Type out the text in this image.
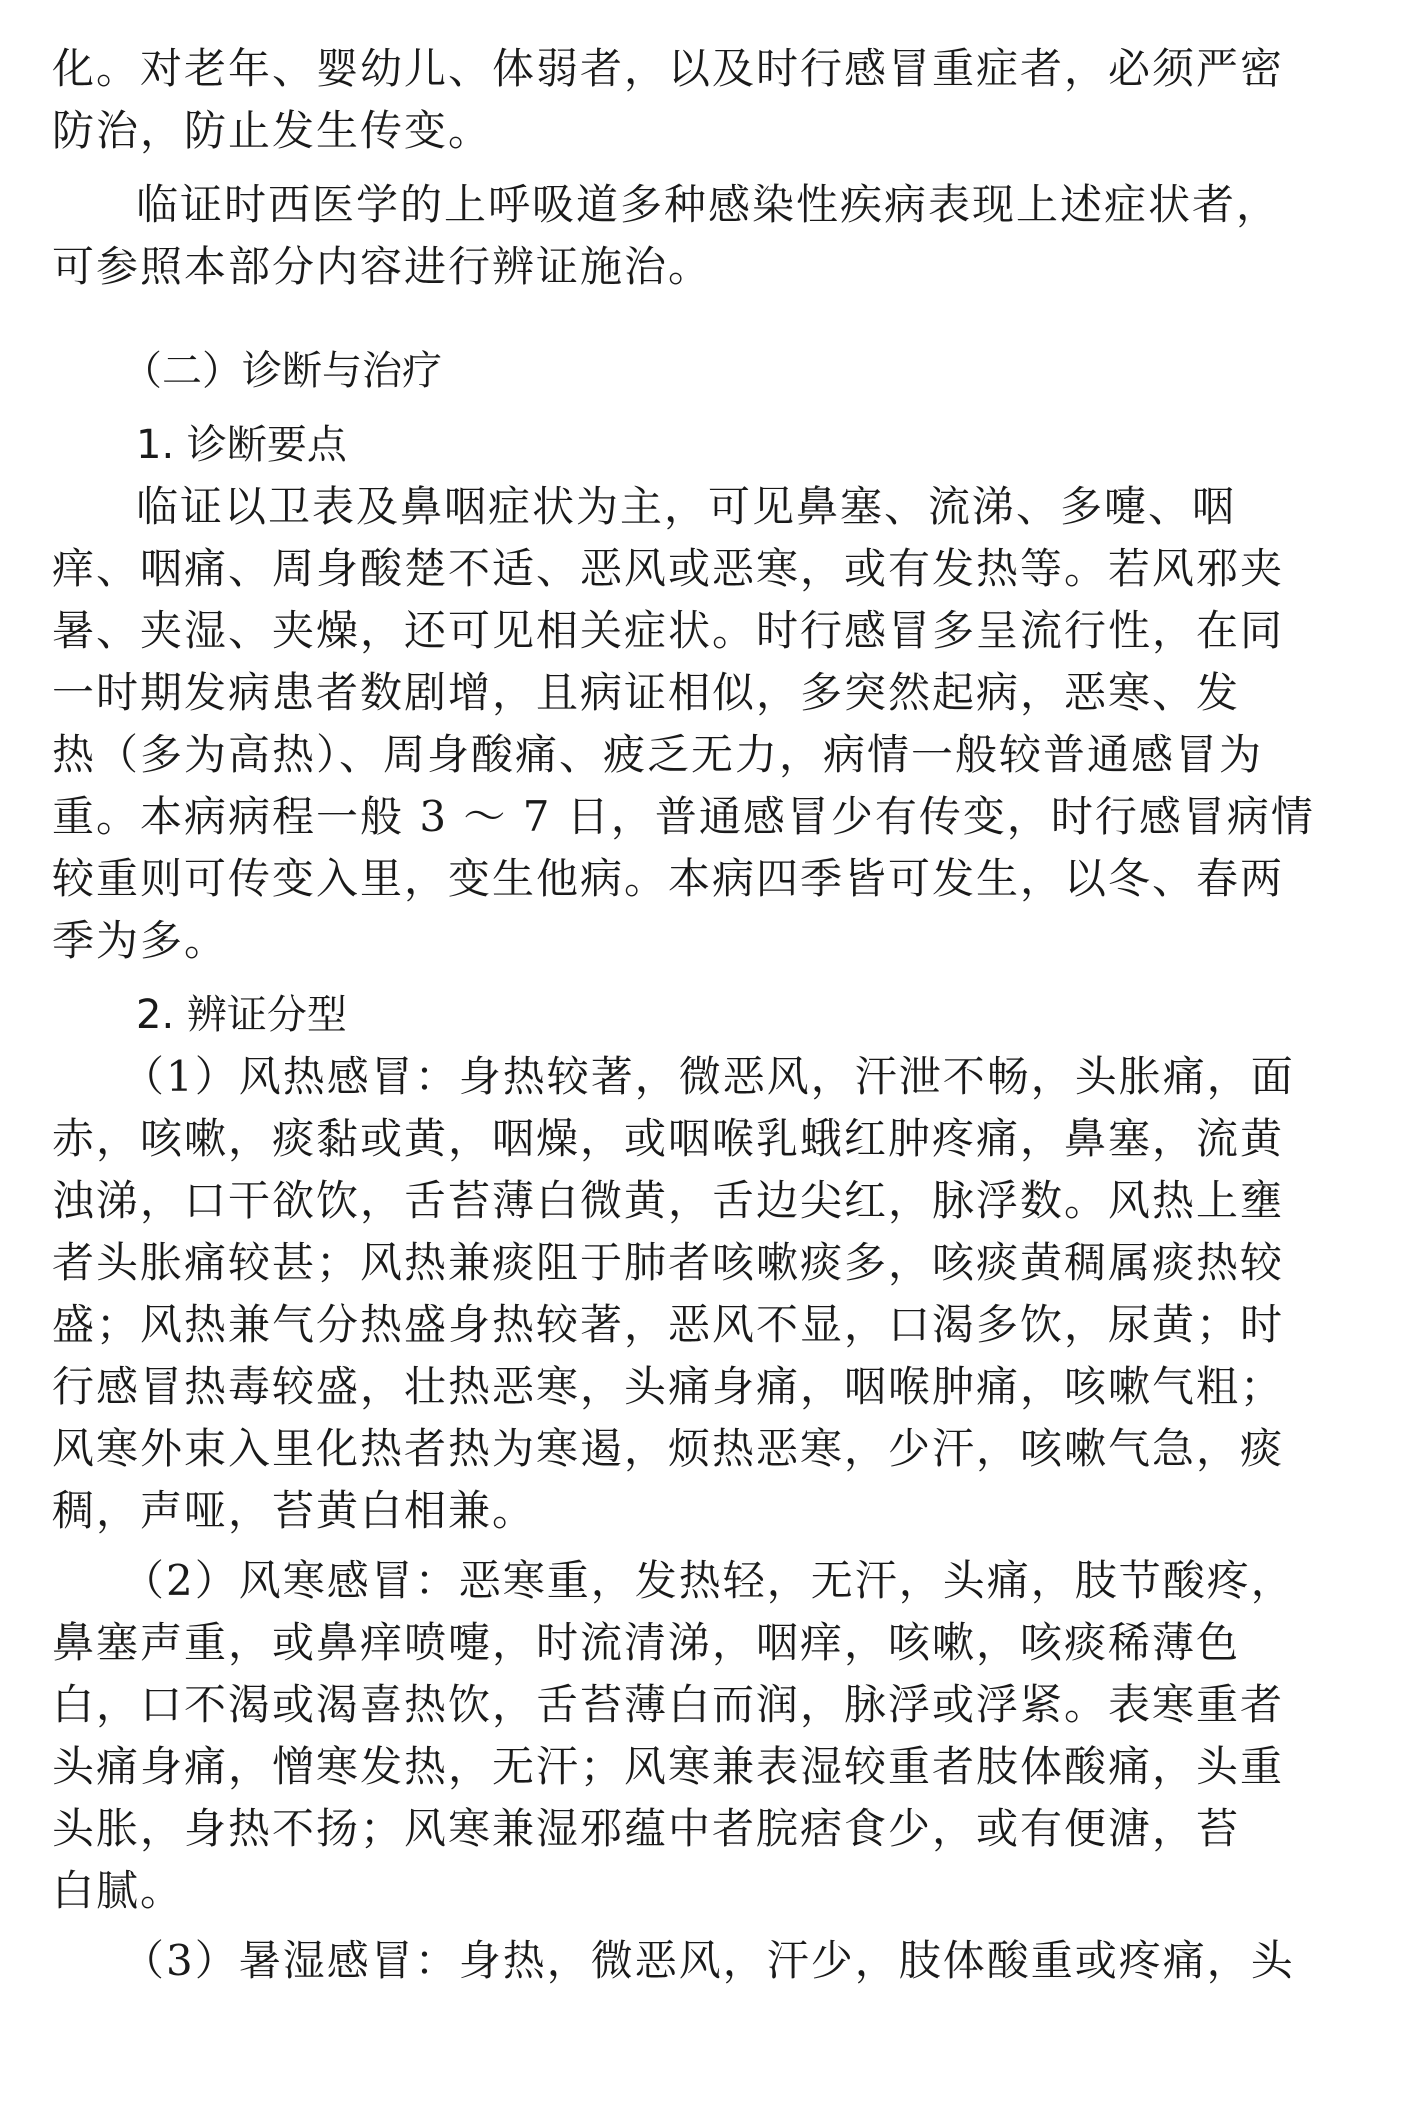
化。对老年、婴幼儿、体弱者，以及时行感冒重症者，必须严密
防治，防止发生传变。
临证时西医学的上呼吸道多种感染性疾病表现上述症状者，
可参照本部分内容进行辨证施治。
（二）诊断与治疗
1. 诊断要点
临证以卫表及鼻咽症状为主，可见鼻塞、流涕、多嚏、咽
痒、咽痛、周身酸楚不适、恶风或恶寒，或有发热等。若风邪夹
暑、夹湿、夹燥，还可见相关症状。时行感冒多呈流行性，在同
一时期发病患者数剧增，且病证相似，多突然起病，恶寒、发
热（多为高热）、周身酸痛、疲乏无力，病情一般较普通感冒为
重。本病病程一般 3 ～ 7 日，普通感冒少有传变，时行感冒病情
较重则可传变入里，变生他病。本病四季皆可发生，以冬、春两
季为多。
2. 辨证分型
（1）风热感冒：身热较著，微恶风，汗泄不畅，头胀痛，面
赤，咳嗽，痰黏或黄，咽燥，或咽喉乳蛾红肿疼痛，鼻塞，流黄
浊涕，口干欲饮，舌苔薄白微黄，舌边尖红，脉浮数。风热上壅
者头胀痛较甚；风热兼痰阻于肺者咳嗽痰多，咳痰黄稠属痰热较
盛；风热兼气分热盛身热较著，恶风不显，口渴多饮，尿黄；时
行感冒热毒较盛，壮热恶寒，头痛身痛，咽喉肿痛，咳嗽气粗；
风寒外束入里化热者热为寒遏，烦热恶寒，少汗，咳嗽气急，痰
稠，声哑，苔黄白相兼。
（2）风寒感冒：恶寒重，发热轻，无汗，头痛，肢节酸疼，
鼻塞声重，或鼻痒喷嚏，时流清涕，咽痒，咳嗽，咳痰稀薄色
白，口不渴或渴喜热饮，舌苔薄白而润，脉浮或浮紧。表寒重者
头痛身痛，憎寒发热，无汗；风寒兼表湿较重者肢体酸痛，头重
头胀，身热不扬；风寒兼湿邪蕴中者脘痞食少，或有便溏，苔
白腻。
（3）暑湿感冒：身热，微恶风，汗少，肢体酸重或疼痛，头
